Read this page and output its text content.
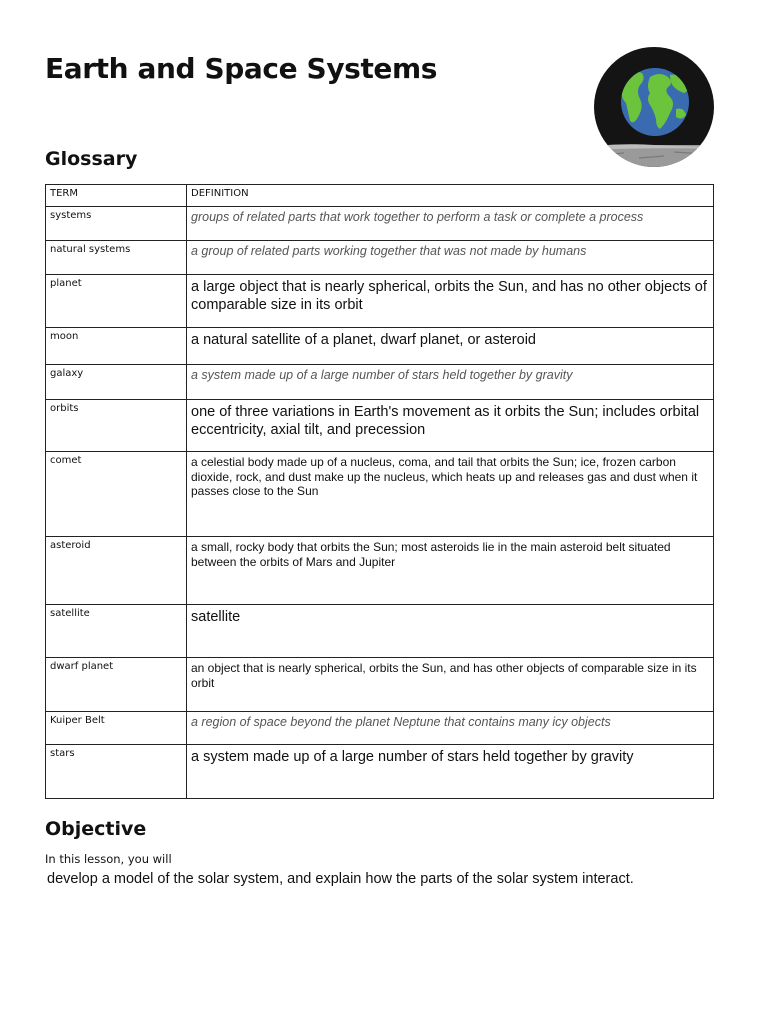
Earth and Space Systems
Glossary
TERM	DEFINITION
systems	groups of related parts that work together to perform a task or complete a process
natural systems	a group of related parts working together that was not made by humans
planet	a large object that is nearly spherical, orbits the Sun, and has no other objects of comparable size in its orbit
moon	a natural satellite of a planet, dwarf planet, or asteroid
galaxy	a system made up of a large number of stars held together by gravity
orbits	one of three variations in Earth's movement as it orbits the Sun; includes orbital eccentricity, axial tilt, and precession
comet	a celestial body made up of a nucleus, coma, and tail that orbits the Sun; ice, frozen carbon dioxide, rock, and dust make up the nucleus, which heats up and releases gas and dust when it passes close to the Sun
asteroid	a small, rocky body that orbits the Sun; most asteroids lie in the main asteroid belt situated between the orbits of Mars and Jupiter
satellite	satellite
dwarf planet	an object that is nearly spherical, orbits the Sun, and has other objects of comparable size in its orbit
Kuiper Belt	a region of space beyond the planet Neptune that contains many icy objects
stars	a system made up of a large number of stars held together by gravity
Objective

In this lesson, you will

develop a model of the solar system, and explain how the parts of the solar system interact.
